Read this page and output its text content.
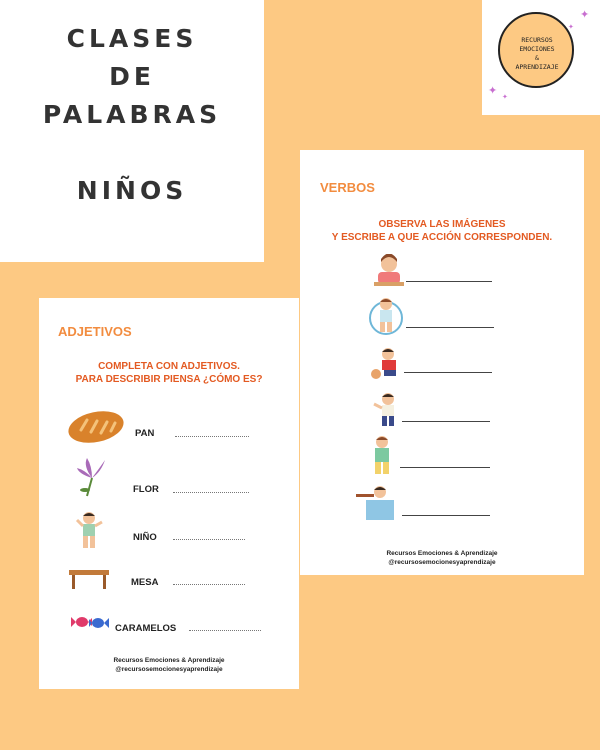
CLASES
DE
PALABRAS
NIÑOS
✦
✦
✦
✦
RECURSOS
EMOCIONES
&
APRENDIZAJE
VERBOS
OBSERVA LAS IMÁGENES
Y ESCRIBE A QUE ACCIÓN CORRESPONDEN.
Recursos Emociones & Aprendizaje
@recursosemocionesyaprendizaje
ADJETIVOS
COMPLETA CON ADJETIVOS.
PARA DESCRIBIR PIENSA ¿CÓMO ES?
PAN
FLOR
NIÑO
MESA
CARAMELOS
Recursos Emociones & Aprendizaje
@recursosemocionesyaprendizaje
